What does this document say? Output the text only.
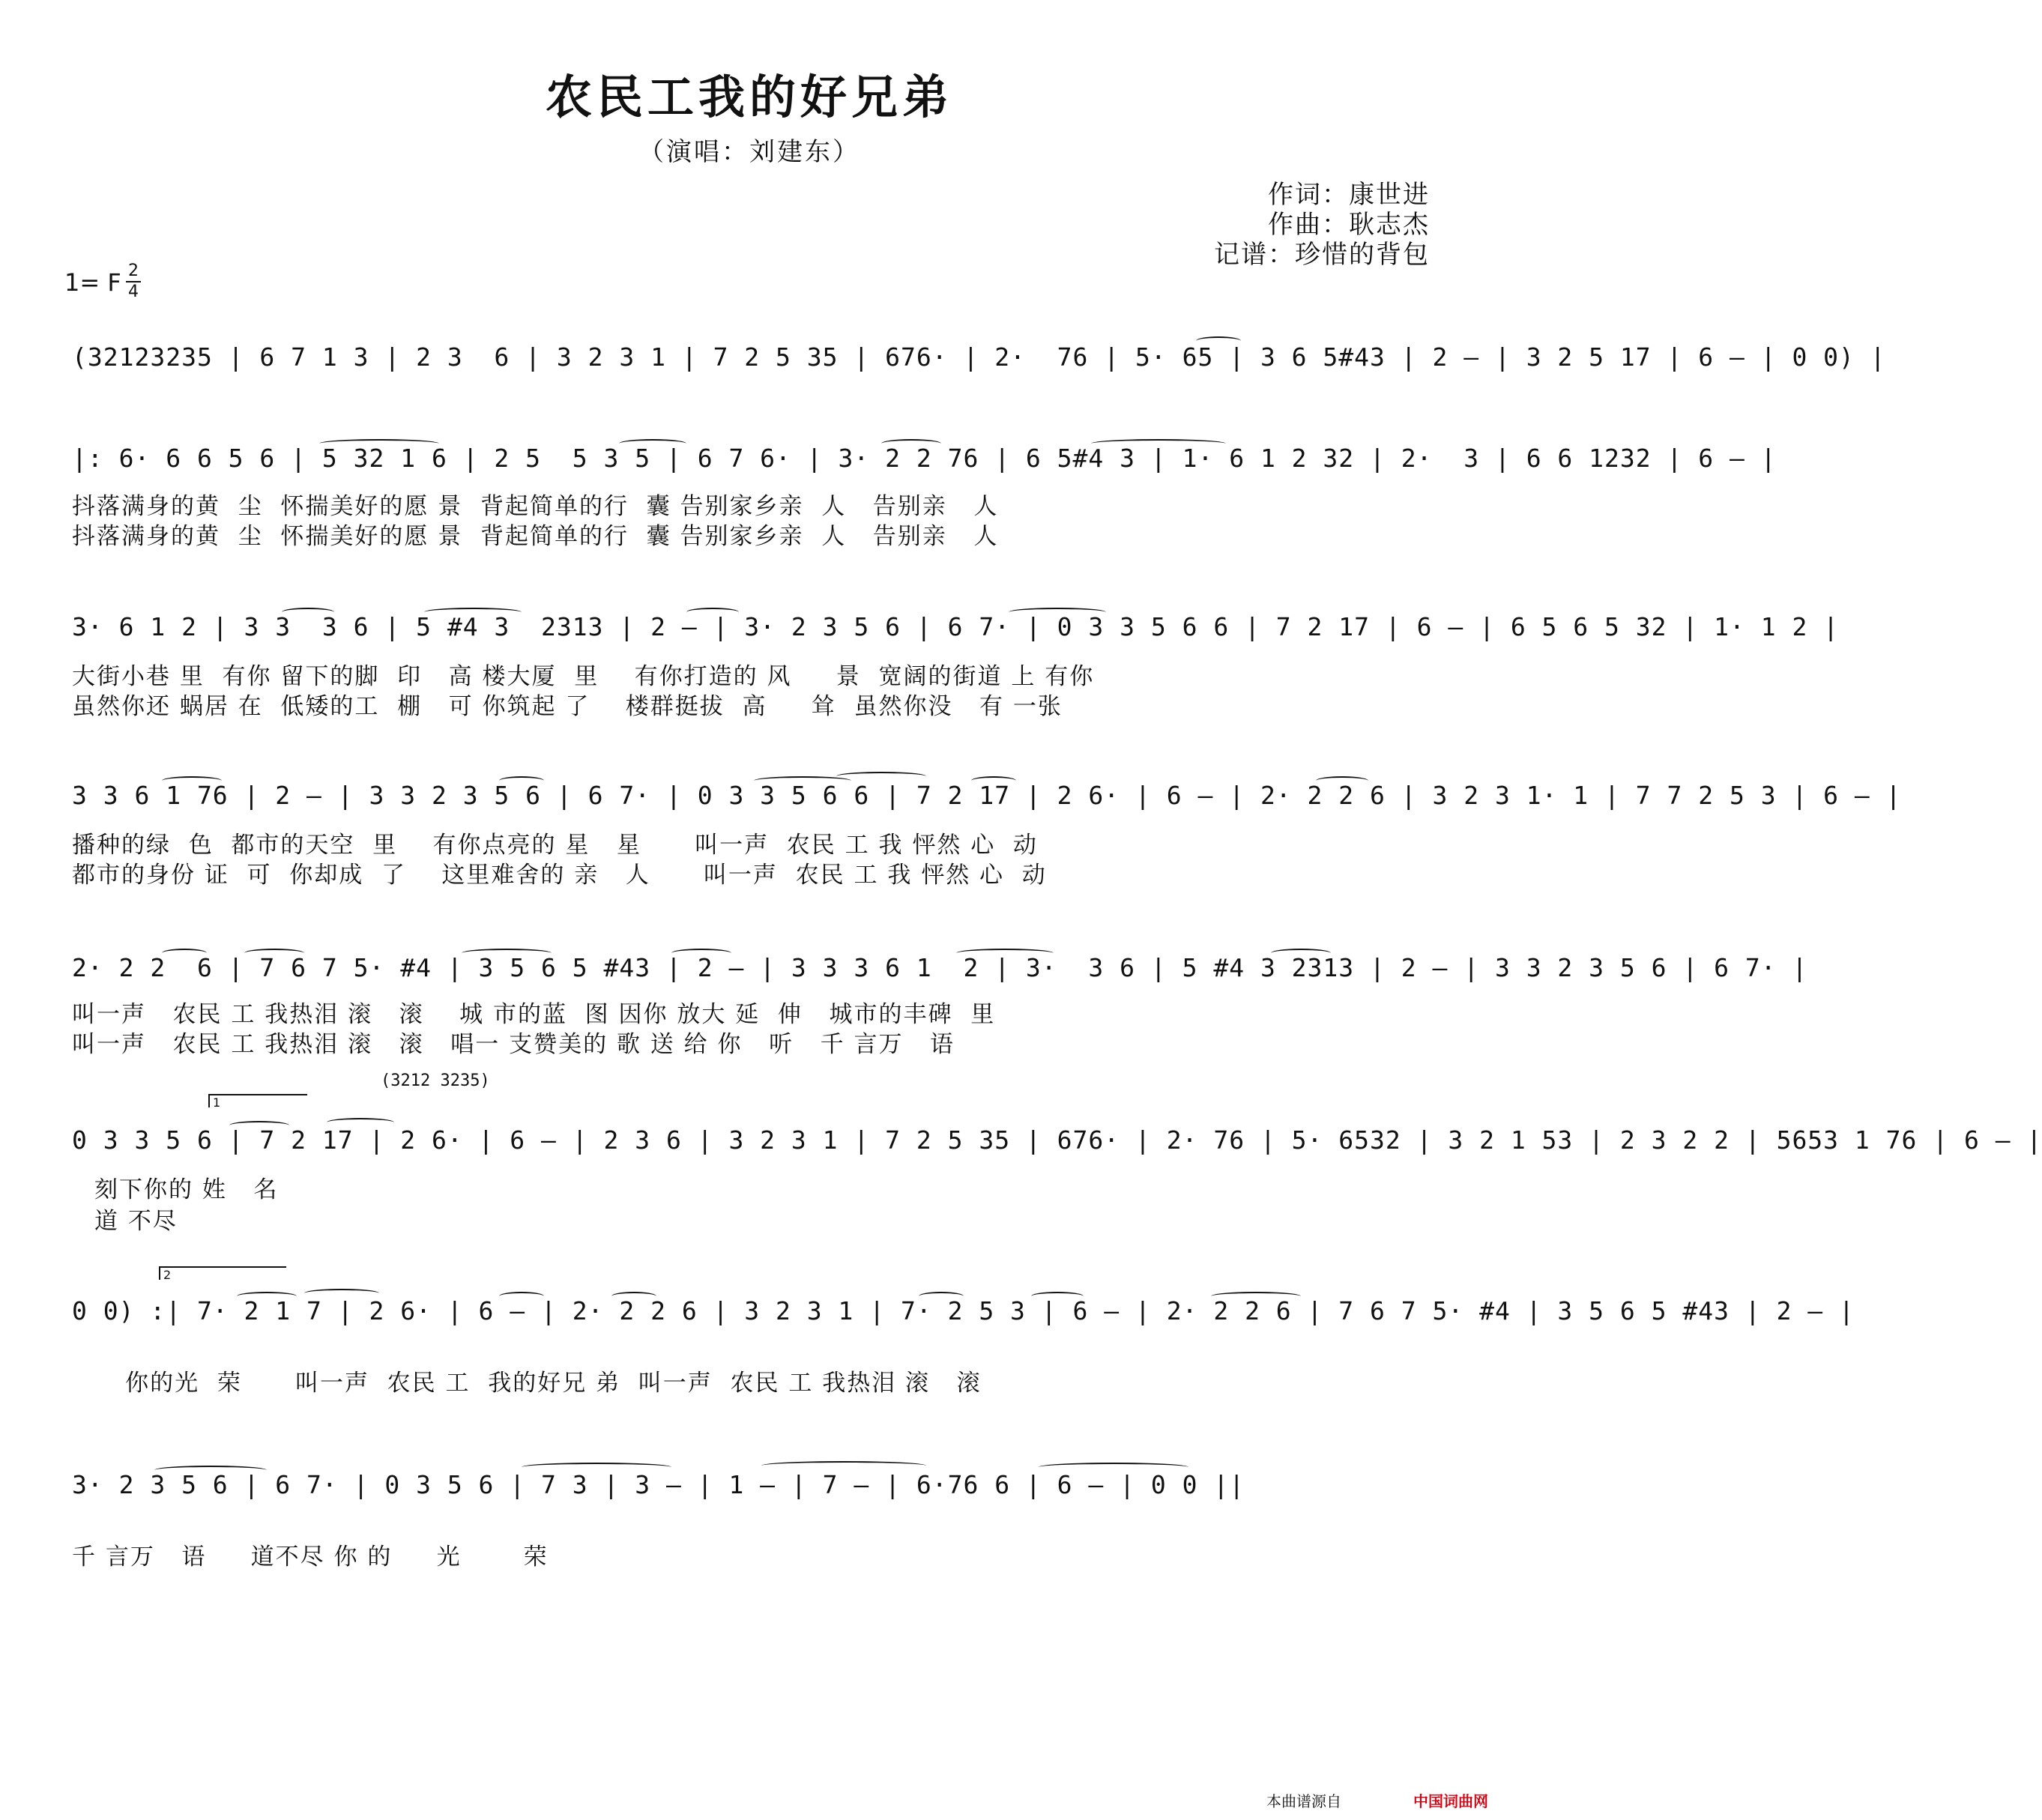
农民工我的好兄弟
（演唱：刘建东）
作词：康世进
作曲：耿志杰
记谱：珍惜的背包
1= F 2
4
(32123235 | 6 7 1 3 | 2 3  6 | 3 2 3 1 | 7 2 5 35 | 676· | 2·  76 | 5· 65 | 3 6 5#43 | 2 – | 3 2 5 17 | 6 – | 0 0) |
|: 6· 6 6 5 6 | 5 32 1 6 | 2 5  5 3 5 | 6 7 6· | 3· 2 2 76 | 6 5#4 3 | 1· 6 1 2 32 | 2·  3 | 6 6 1232 | 6 – |
抖落满身的黄  尘  怀揣美好的愿 景  背起简单的行  囊 告别家乡亲  人   告别亲   人
抖落满身的黄  尘  怀揣美好的愿 景  背起简单的行  囊 告别家乡亲  人   告别亲   人
3· 6 1 2 | 3 3  3 6 | 5 #4 3  2313 | 2 – | 3· 2 3 5 6 | 6 7· | 0 3 3 5 6 6 | 7 2 17 | 6 – | 6 5 6 5 32 | 1· 1 2 |
大街小巷 里  有你 留下的脚  印   高 楼大厦  里    有你打造的 风     景  宽阔的街道 上 有你
虽然你还 蜗居 在  低矮的工  棚   可 你筑起 了    楼群挺拔  高     耸  虽然你没   有 一张
3 3 6 1 76 | 2 – | 3 3 2 3 5 6 | 6 7· | 0 3 3 5 6 6 | 7 2 17 | 2 6· | 6 – | 2· 2 2 6 | 3 2 3 1· 1 | 7 7 2 5 3 | 6 – |
播种的绿  色  都市的天空  里    有你点亮的 星   星      叫一声  农民 工 我 怦然 心  动
都市的身份 证  可  你却成  了    这里难舍的 亲   人      叫一声  农民 工 我 怦然 心  动
2· 2 2  6 | 7 6 7 5· #4 | 3 5 6 5 #43 | 2 – | 3 3 3 6 1  2 | 3·  3 6 | 5 #4 3 2313 | 2 – | 3 3 2 3 5 6 | 6 7· |
叫一声   农民 工 我热泪 滚   滚    城 市的蓝  图 因你 放大 延  伸   城市的丰碑  里
叫一声   农民 工 我热泪 滚   滚   唱一 支赞美的 歌 送 给 你   听   千 言万   语
1
(3212 3235)
0 3 3 5 6 | 7 2 17 | 2 6· | 6 – | 2 3 6 | 3 2 3 1 | 7 2 5 35 | 676· | 2· 76 | 5· 6532 | 3 2 1 53 | 2 3 2 2 | 5653 1 76 | 6 – |
刻下你的 姓   名
道 不尽
2
0 0) :| 7· 2 1 7 | 2 6· | 6 – | 2· 2 2 6 | 3 2 3 1 | 7· 2 5 3 | 6 – | 2· 2 2 6 | 7 6 7 5· #4 | 3 5 6 5 #43 | 2 – |
你的光  荣      叫一声  农民 工  我的好兄 弟  叫一声  农民 工 我热泪 滚   滚
3· 2 3 5 6 | 6 7· | 0 3 5 6 | 7 3 | 3 – | 1 – | 7 – | 6·76 6 | 6 – | 0 0 ||
千 言万   语     道不尽 你 的     光       荣
本曲谱源自	中国词曲网
